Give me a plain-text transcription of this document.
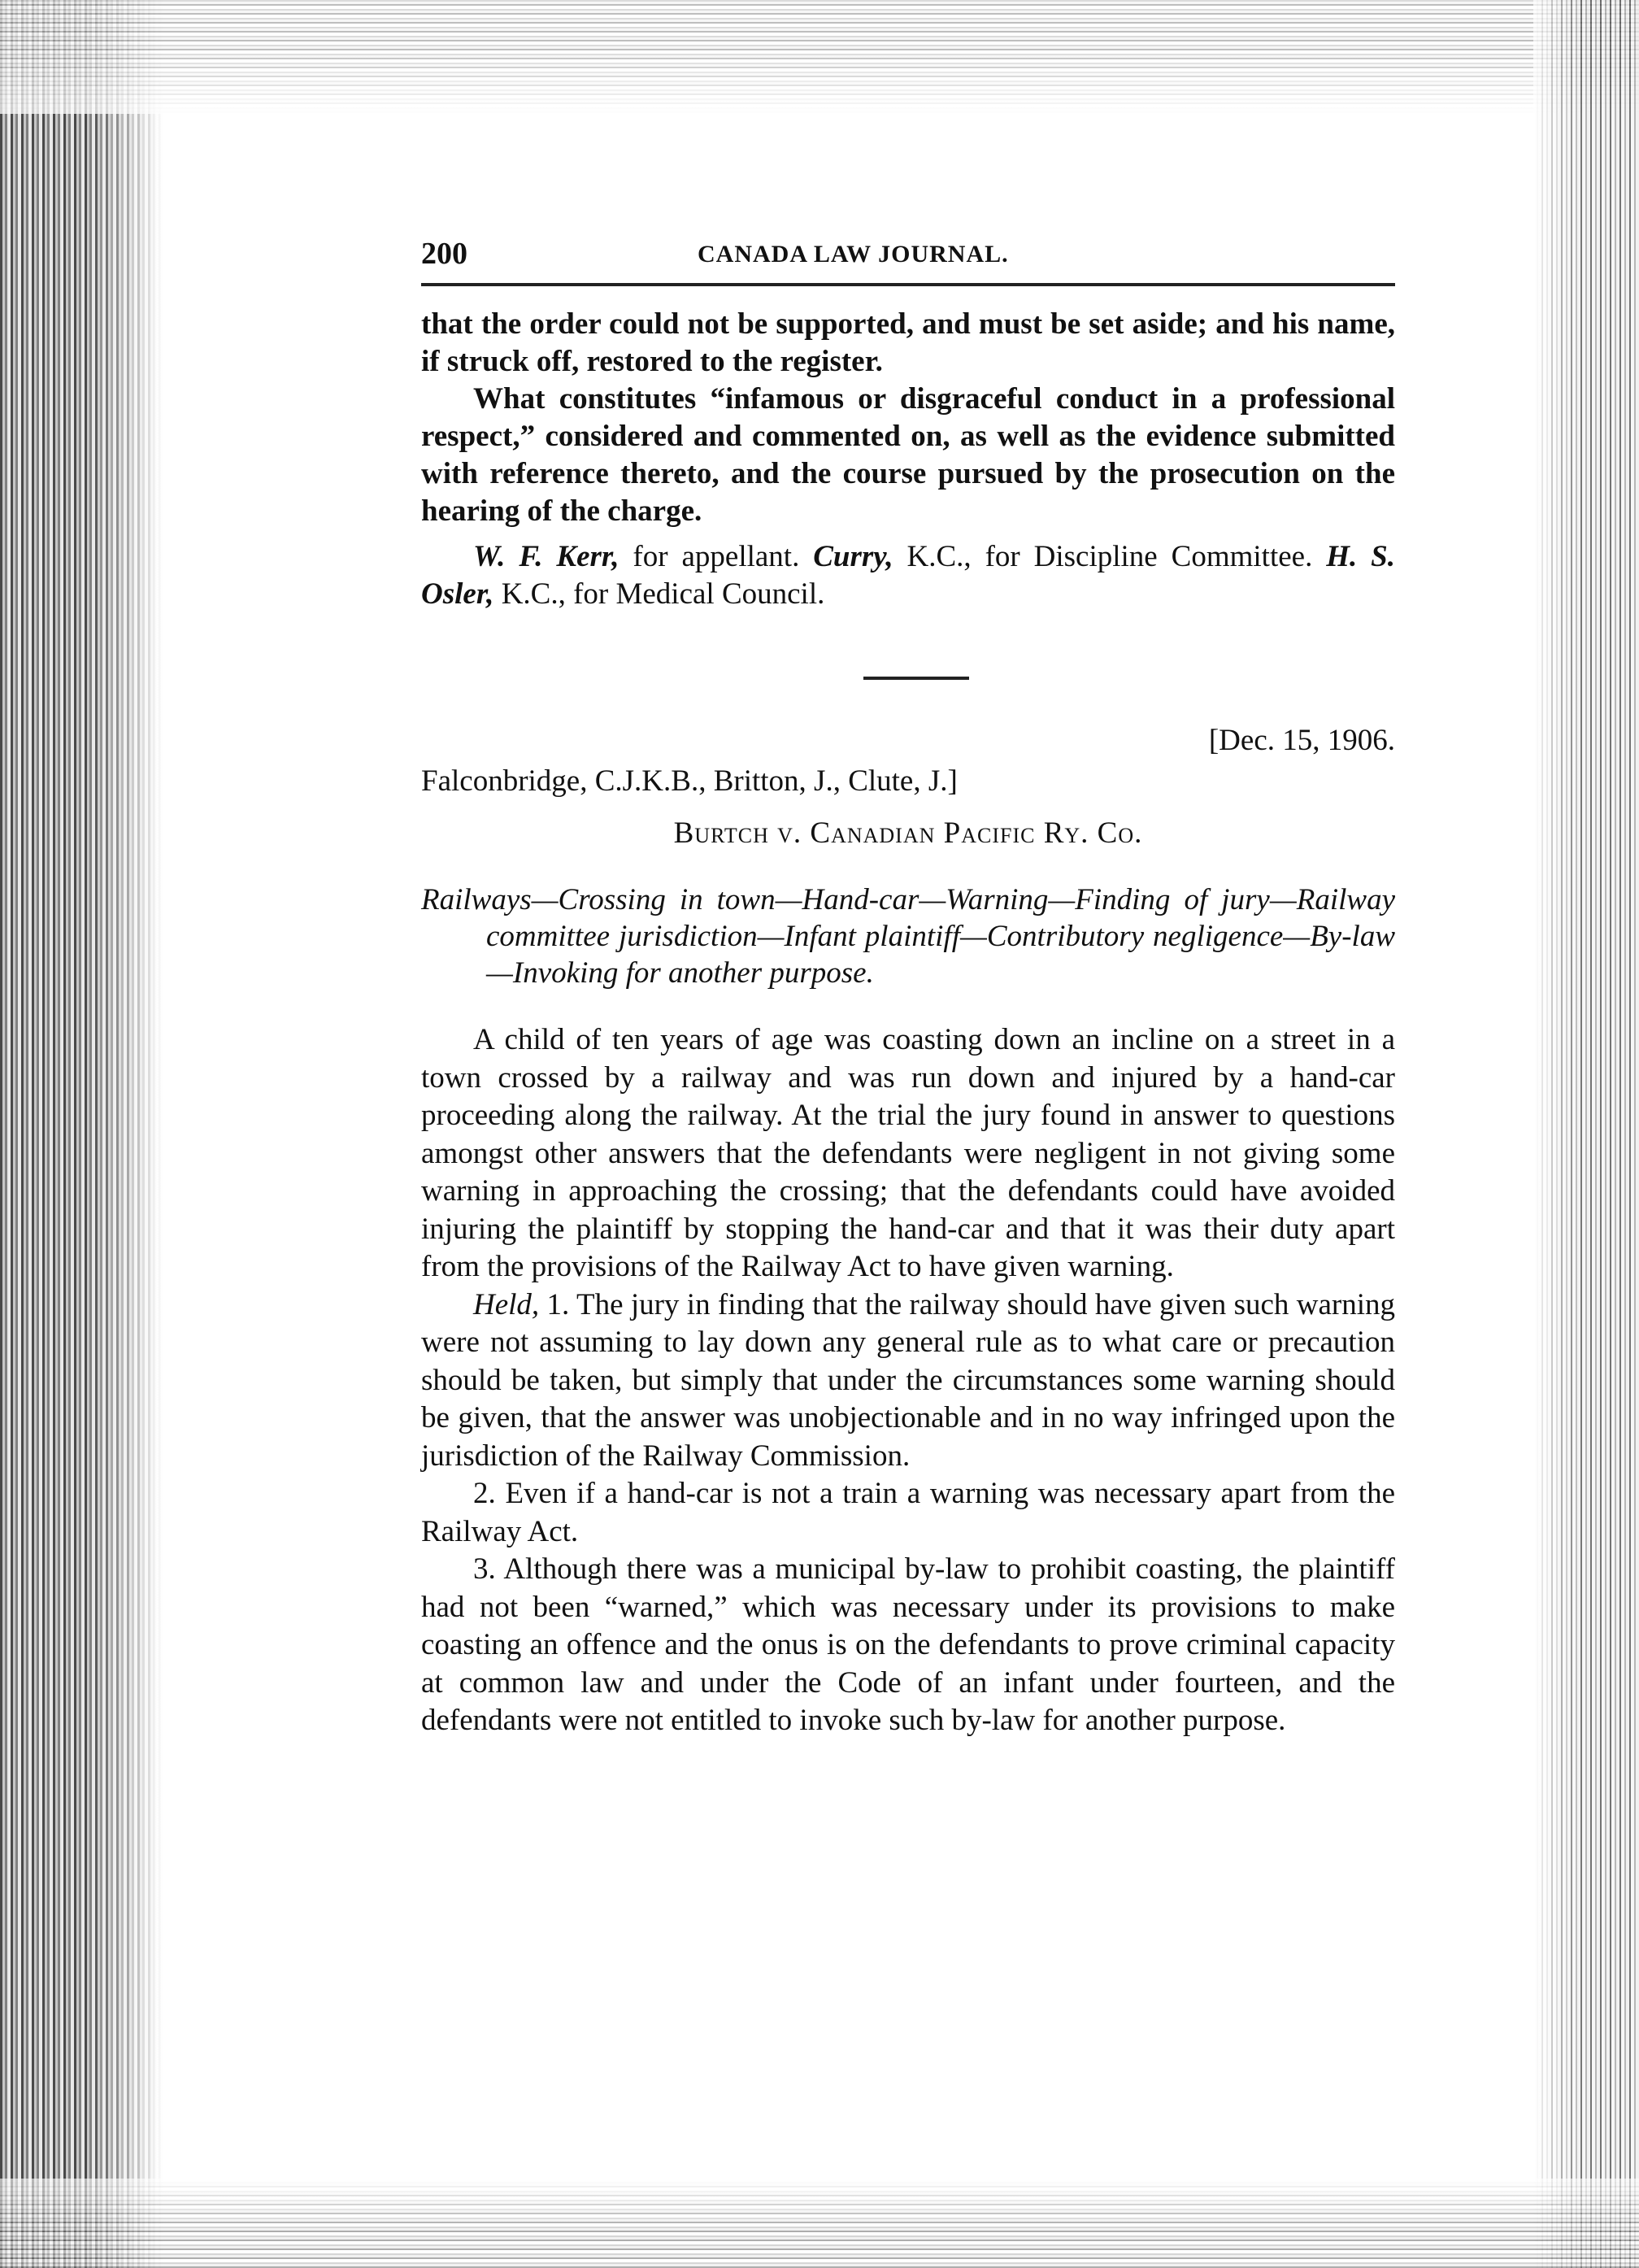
200	CANADA LAW JOURNAL.

that the order could not be supported, and must be set aside; and his name, if struck off, restored to the register.

What constitutes “infamous or disgraceful conduct in a professional respect,” considered and commented on, as well as the evidence submitted with reference thereto, and the course pursued by the prosecution on the hearing of the charge.

W. F. Kerr, for appellant. Curry, K.C., for Discipline Committee. H. S. Osler, K.C., for Medical Council.

[Dec. 15, 1906.
Falconbridge, C.J.K.B., Britton, J., Clute, J.]
Burtch v. Canadian Pacific Ry. Co.

Railways—Crossing in town—Hand-car—Warning—Finding of jury—Railway committee jurisdiction—Infant plaintiff—Contributory negligence—By-law—Invoking for another purpose.

A child of ten years of age was coasting down an incline on a street in a town crossed by a railway and was run down and injured by a hand-car proceeding along the railway. At the trial the jury found in answer to questions amongst other answers that the defendants were negligent in not giving some warning in approaching the crossing; that the defendants could have avoided injuring the plaintiff by stopping the hand-car and that it was their duty apart from the provisions of the Railway Act to have given warning.

Held, 1. The jury in finding that the railway should have given such warning were not assuming to lay down any general rule as to what care or precaution should be taken, but simply that under the circumstances some warning should be given, that the answer was unobjectionable and in no way infringed upon the jurisdiction of the Railway Commission.

2. Even if a hand-car is not a train a warning was necessary apart from the Railway Act.

3. Although there was a municipal by-law to prohibit coasting, the plaintiff had not been “warned,” which was necessary under its provisions to make coasting an offence and the onus is on the defendants to prove criminal capacity at common law and under the Code of an infant under fourteen, and the defendants were not entitled to invoke such by-law for another purpose.
